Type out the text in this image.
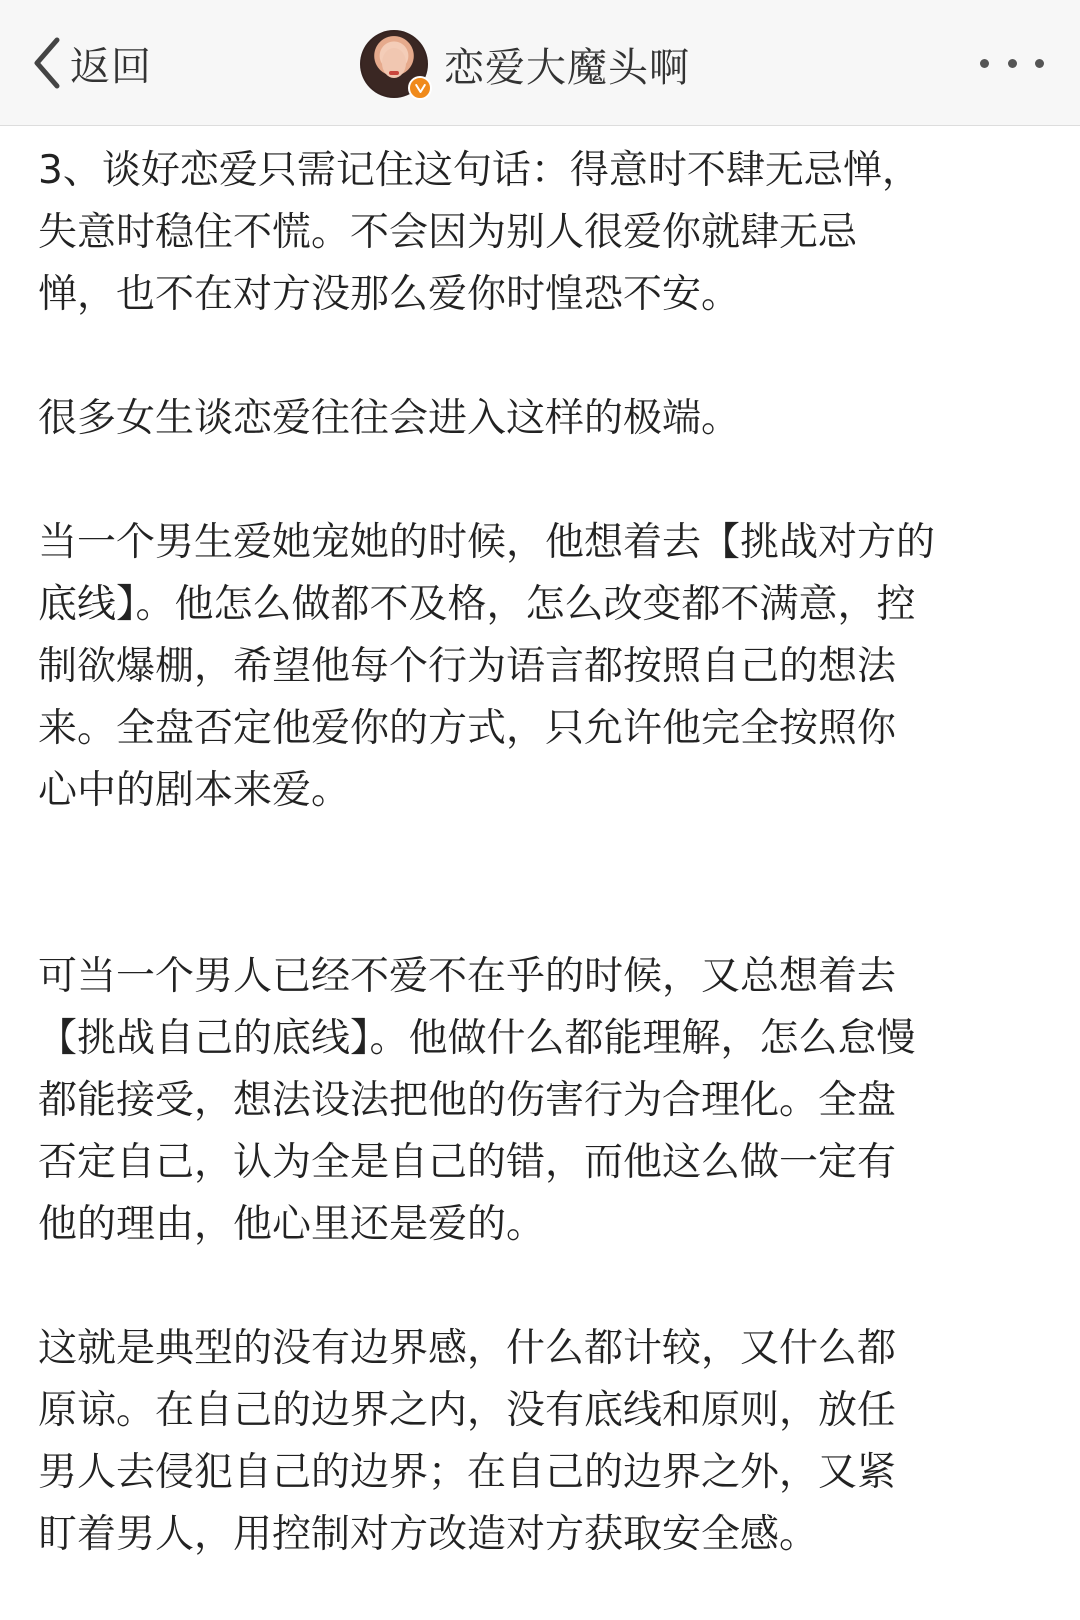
返回	恋爱大魔头啊

3、谈好恋爱只需记住这句话：得意时不肆无忌惮，
失意时稳住不慌。不会因为别人很爱你就肆无忌
惮，也不在对方没那么爱你时惶恐不安。

很多女生谈恋爱往往会进入这样的极端。

当一个男生爱她宠她的时候，他想着去【挑战对方的
底线】。他怎么做都不及格，怎么改变都不满意，控
制欲爆棚，希望他每个行为语言都按照自己的想法
来。全盘否定他爱你的方式，只允许他完全按照你
心中的剧本来爱。

可当一个男人已经不爱不在乎的时候，又总想着去
【挑战自己的底线】。他做什么都能理解，怎么怠慢
都能接受，想法设法把他的伤害行为合理化。全盘
否定自己，认为全是自己的错，而他这么做一定有
他的理由，他心里还是爱的。

这就是典型的没有边界感，什么都计较，又什么都
原谅。在自己的边界之内，没有底线和原则，放任
男人去侵犯自己的边界；在自己的边界之外，又紧
盯着男人，用控制对方改造对方获取安全感。
